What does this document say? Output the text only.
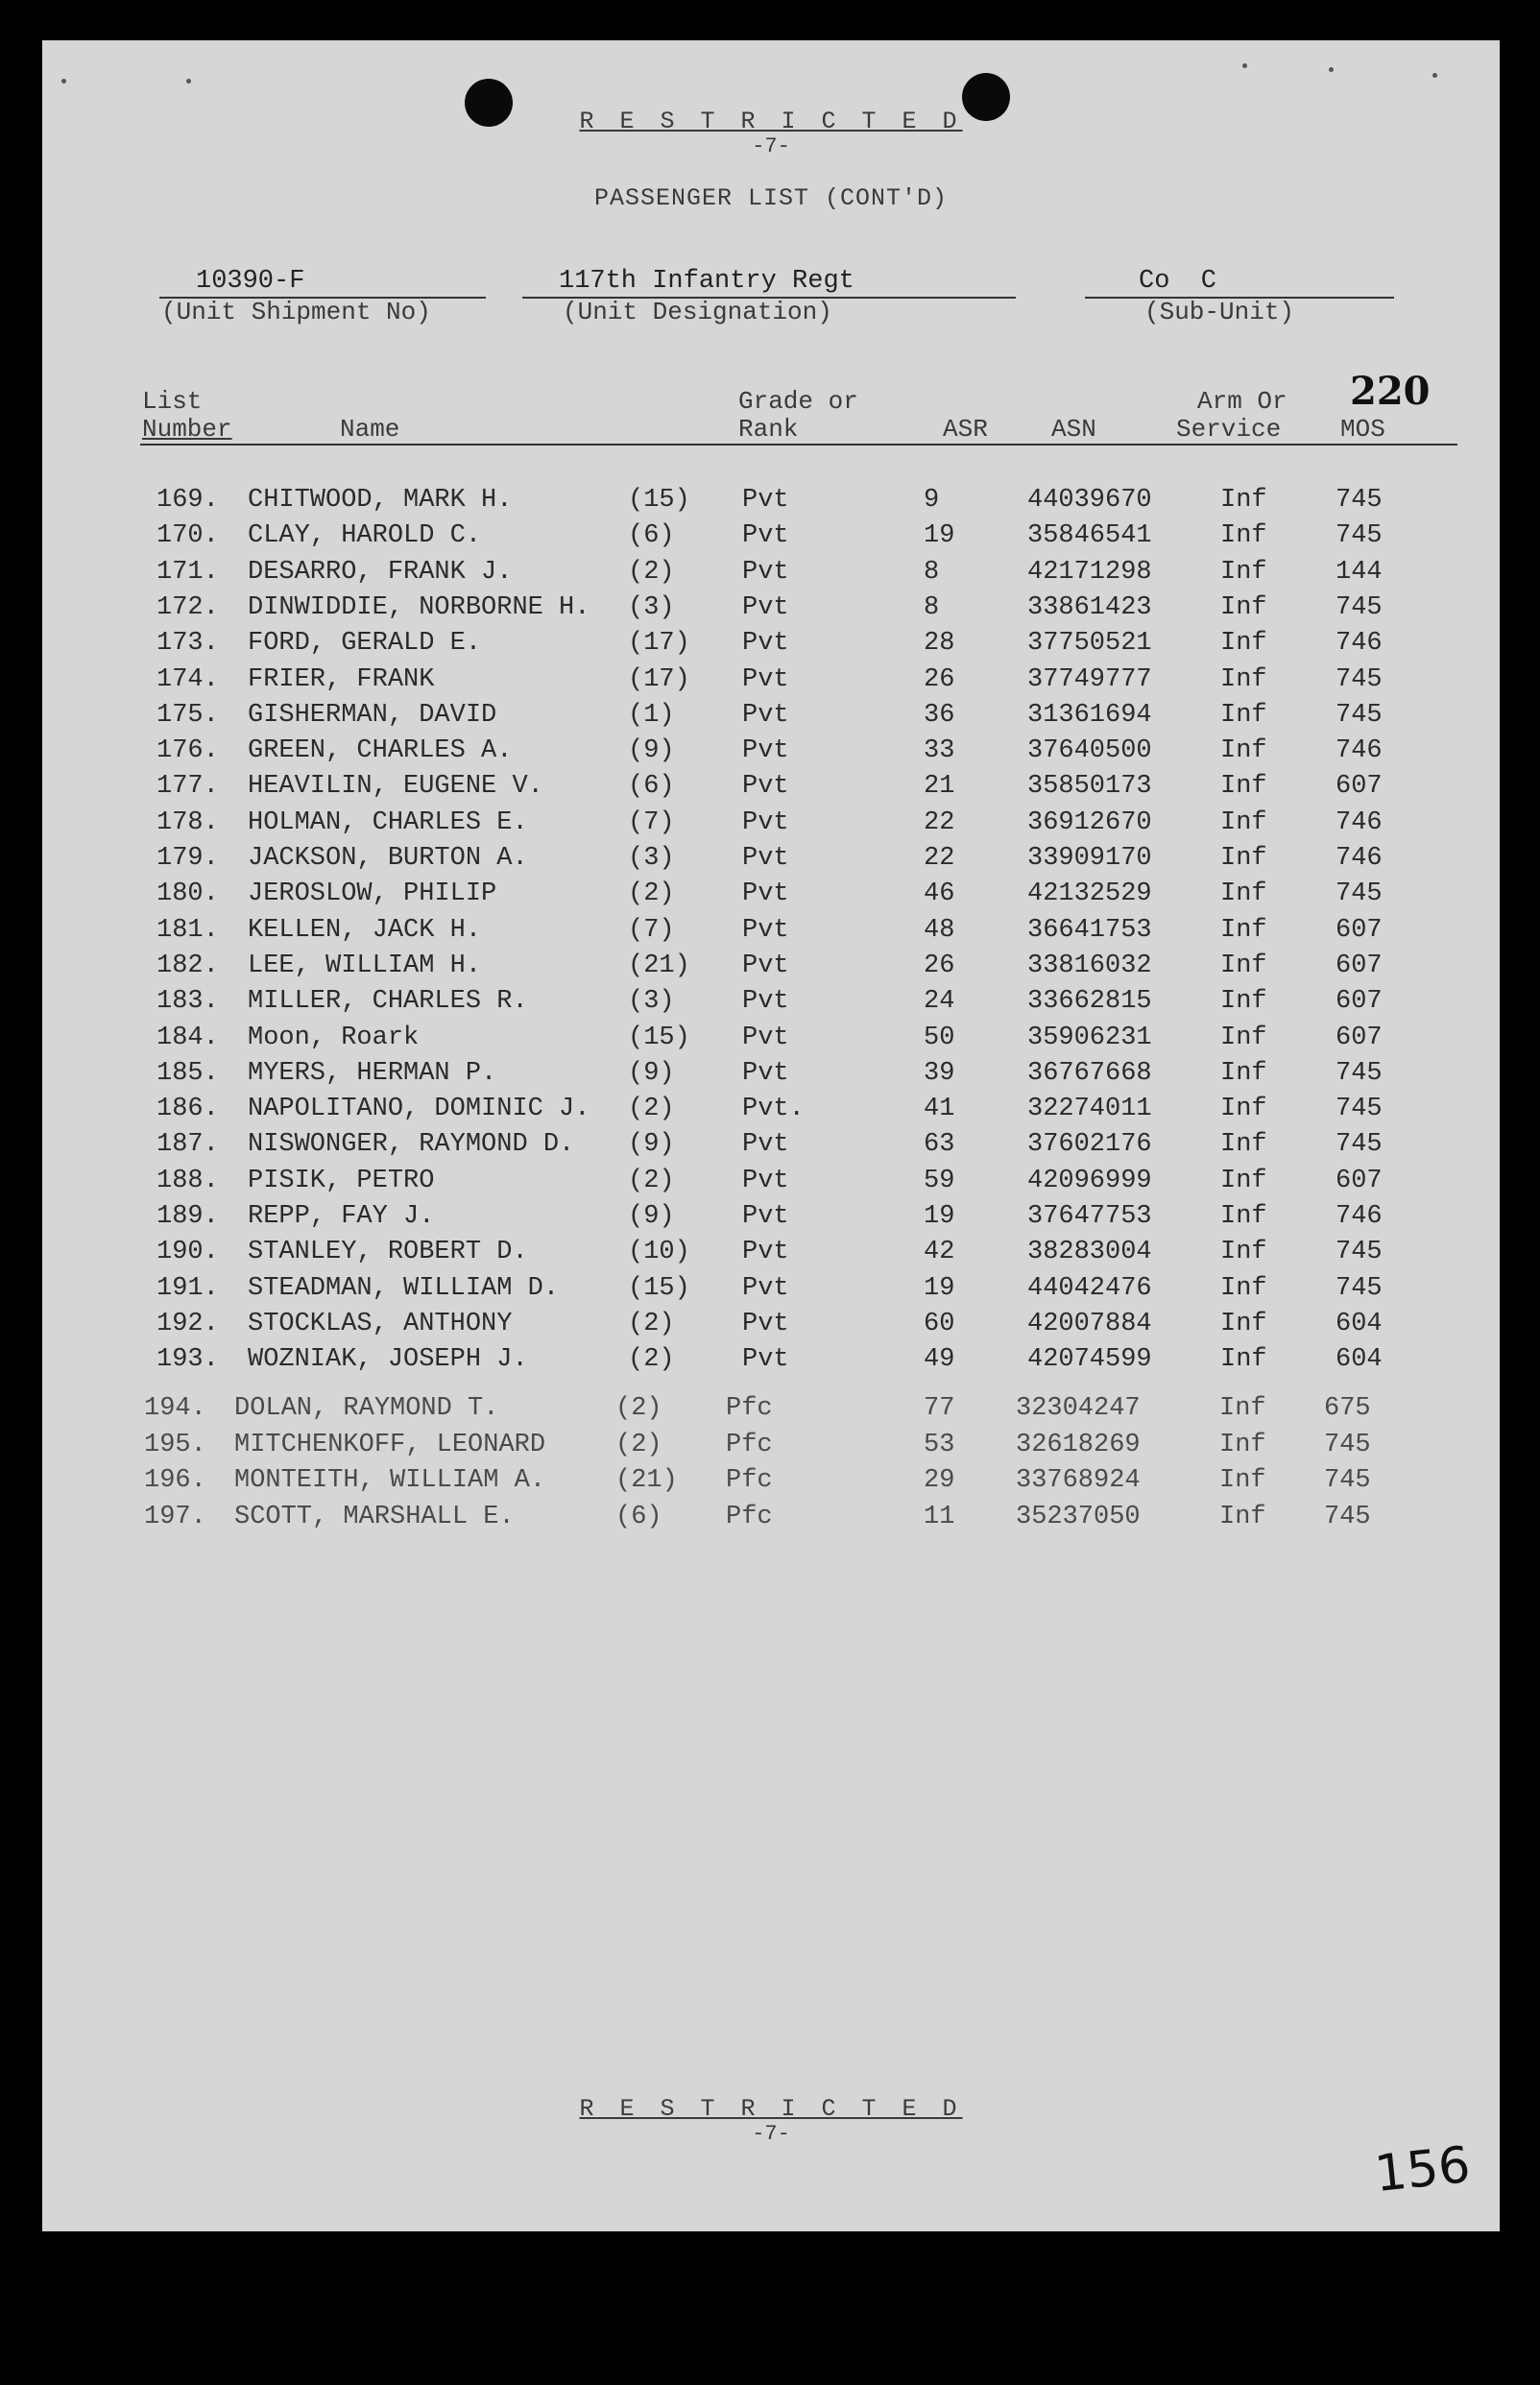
R E S T R I C T E D
-7-
PASSENGER LIST (CONT'D)
10390-F
(Unit Shipment No)
117th Infantry Regt
(Unit Designation)
Co  C
(Sub-Unit)
220
List
Number	Name
Grade or
Rank	ASR	ASN
Arm Or
Service MOS
169. CHITWOOD, MARK H.	(15) Pvt	9	44039670	Inf	745
170. CLAY, HAROLD C.	(6)	Pvt	19	35846541	Inf	745
171. DESARRO, FRANK J.	(2)	Pvt	8	42171298	Inf	144
172. DINWIDDIE, NORBORNE H. (3)	Pvt	8	33861423	Inf	745
173. FORD, GERALD E.	(17) Pvt	28	37750521	Inf	746
174. FRIER, FRANK	(17) Pvt	26	37749777	Inf	745
175. GISHERMAN, DAVID	(1)	Pvt	36	31361694	Inf	745
176. GREEN, CHARLES A.	(9)	Pvt	33	37640500	Inf	746
177. HEAVILIN, EUGENE V.	(6)	Pvt	21	35850173	Inf	607
178. HOLMAN, CHARLES E.	(7)	Pvt	22	36912670	Inf	746
179. JACKSON, BURTON A.	(3)	Pvt	22	33909170	Inf	746
180. JEROSLOW, PHILIP	(2)	Pvt	46	42132529	Inf	745
181. KELLEN, JACK H.	(7)	Pvt	48	36641753	Inf	607
182. LEE, WILLIAM H.	(21) Pvt	26	33816032	Inf	607
183. MILLER, CHARLES R.	(3)	Pvt	24	33662815	Inf	607
184. Moon, Roark	(15) Pvt	50	35906231	Inf	607
185. MYERS, HERMAN P.	(9)	Pvt	39	36767668	Inf	745
186. NAPOLITANO, DOMINIC J. (2)	Pvt.	41	32274011	Inf	745
187. NISWONGER, RAYMOND D. (9)	Pvt	63	37602176	Inf	745
188. PISIK, PETRO	(2)	Pvt	59	42096999	Inf	607
189. REPP, FAY J.	(9)	Pvt	19	37647753	Inf	746
190. STANLEY, ROBERT D.	(10) Pvt	42	38283004	Inf	745
191. STEADMAN, WILLIAM D.	(15) Pvt	19	44042476	Inf	745
192. STOCKLAS, ANTHONY	(2)	Pvt	60	42007884	Inf	604
193. WOZNIAK, JOSEPH J.	(2)	Pvt	49	42074599	Inf	604
194. DOLAN, RAYMOND T.	(2) Pfc	77 32304247	Inf 675
195. MITCHENKOFF, LEONARD	(2) Pfc	53 32618269	Inf 745
196. MONTEITH, WILLIAM A.	(21) Pfc	29 33768924	Inf 745
197. SCOTT, MARSHALL E.	(6) Pfc	11 35237050	Inf 745
R E S T R I C T E D
-7-
156
